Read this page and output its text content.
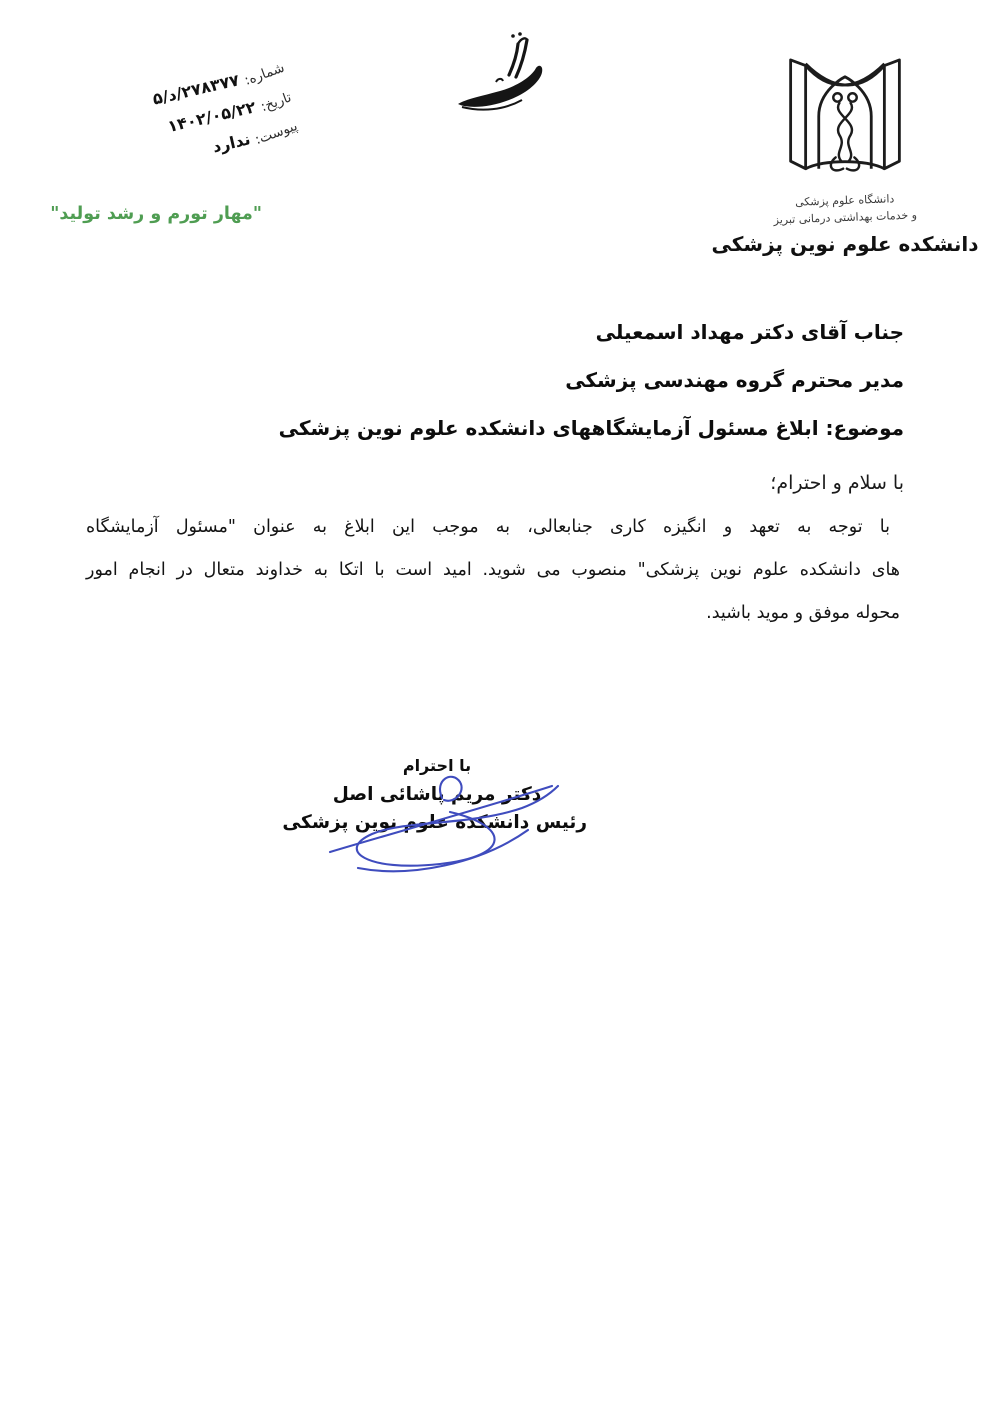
شماره:
۵/د/۲۷۸۳۷۷ تاریخ:
۱۴۰۲/۰۵/۲۲
پیوست:
ندارد
"مهار تورم و رشد تولید"
دانشگاه علوم پزشکی
و خدمات بهداشتی درمانی تبریز
دانشکده علوم نوین پزشکی
جناب آقای دکتر مهداد اسمعیلی
مدیر محترم گروه مهندسی پزشکی
موضوع: ابلاغ مسئول آزمایشگاههای دانشکده علوم نوین پزشکی
با سلام و احترام؛
با توجه به تعهد و انگیزه کاری جنابعالی، به موجب این ابلاغ به عنوان "مسئول آزمایشگاه
های دانشکده علوم نوین پزشکی" منصوب می شوید. امید است با اتکا به خداوند متعال در انجام امور
محوله موفق و موید باشید.
با احترام
دکتر مریم پاشائی اصل
رئیس دانشکده علوم نوین پزشکی
